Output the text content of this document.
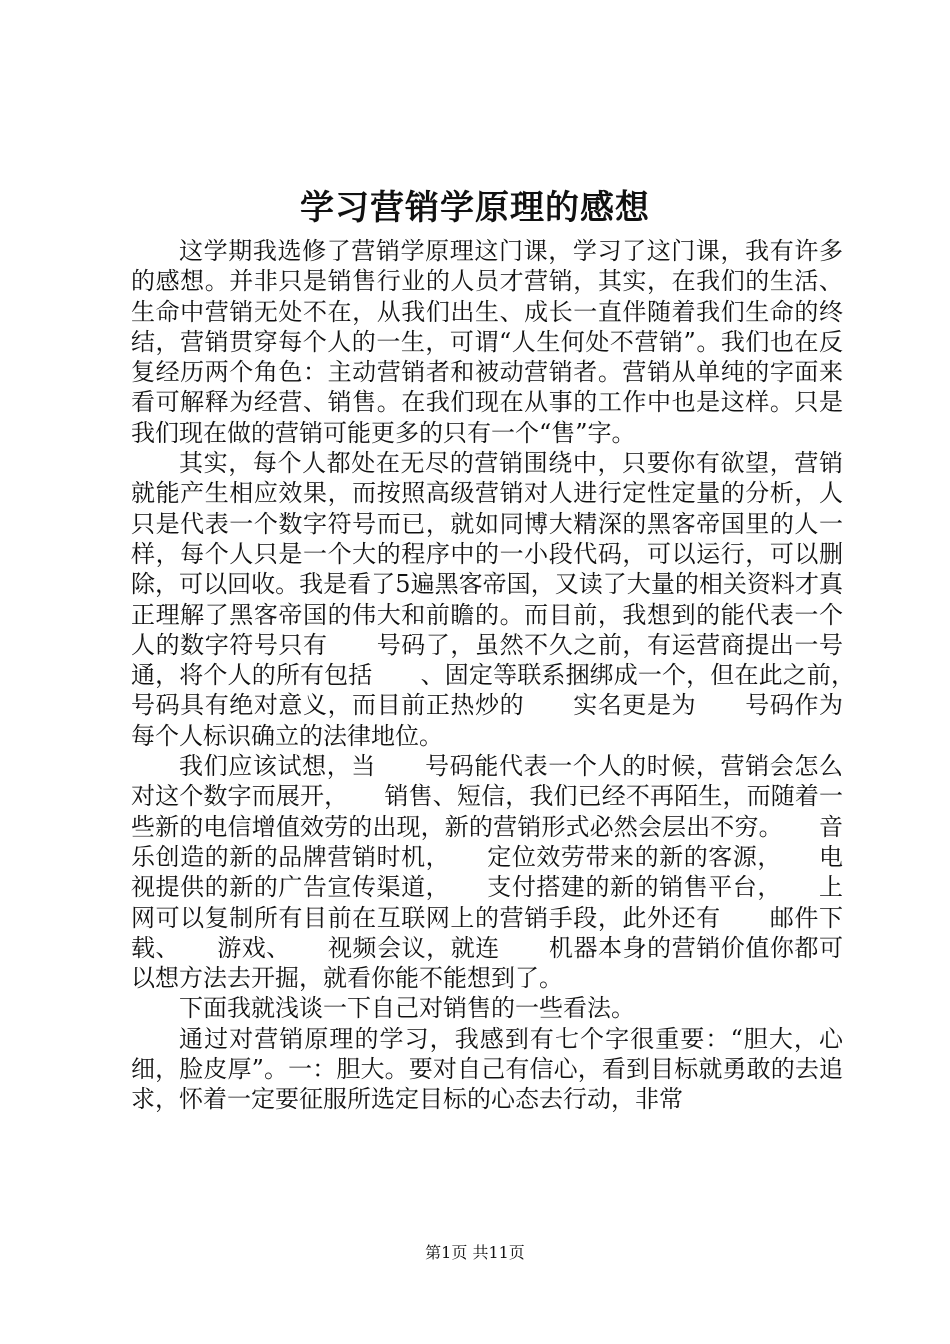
学习营销学原理的感想

这学期我选修了营销学原理这门课，学习了这门课，我有许多的感想。并非只是销售行业的人员才营销，其实，在我们的生活、生命中营销无处不在，从我们出生、成长一直伴随着我们生命的终结，营销贯穿每个人的一生，可谓“人生何处不营销”。我们也在反复经历两个角色：主动营销者和被动营销者。营销从单纯的字面来看可解释为经营、销售。在我们现在从事的工作中也是这样。只是我们现在做的营销可能更多的只有一个“售”字。

其实，每个人都处在无尽的营销围绕中，只要你有欲望，营销就能产生相应效果，而按照高级营销对人进行定性定量的分析，人只是代表一个数字符号而已，就如同博大精深的黑客帝国里的人一样，每个人只是一个大的程序中的一小段代码，可以运行，可以删除，可以回收。我是看了5遍黑客帝国，又读了大量的相关资料才真正理解了黑客帝国的伟大和前瞻的。而目前，我想到的能代表一个人的数字符号只有　　号码了，虽然不久之前，有运营商提出一号通，将个人的所有包括　　、固定等联系捆绑成一个，但在此之前，　　号码具有绝对意义，而目前正热炒的　　实名更是为　　号码作为每个人标识确立的法律地位。

我们应该试想，当　　号码能代表一个人的时候，营销会怎么对这个数字而展开，　　销售、短信，我们已经不再陌生，而随着一些新的电信增值效劳的出现，新的营销形式必然会层出不穷。　　音乐创造的新的品牌营销时机，　　定位效劳带来的新的客源，　　电视提供的新的广告宣传渠道，　　支付搭建的新的销售平台，　　上网可以复制所有目前在互联网上的营销手段，此外还有　　邮件下载、　　游戏、　　视频会议，就连　　机器本身的营销价值你都可以想方法去开掘，就看你能不能想到了。

下面我就浅谈一下自己对销售的一些看法。

通过对营销原理的学习，我感到有七个字很重要：“胆大，心细，脸皮厚”。一：胆大。要对自己有信心，看到目标就勇敢的去追求，怀着一定要征服所选定目标的心态去行动，非常

第1页 共11页
